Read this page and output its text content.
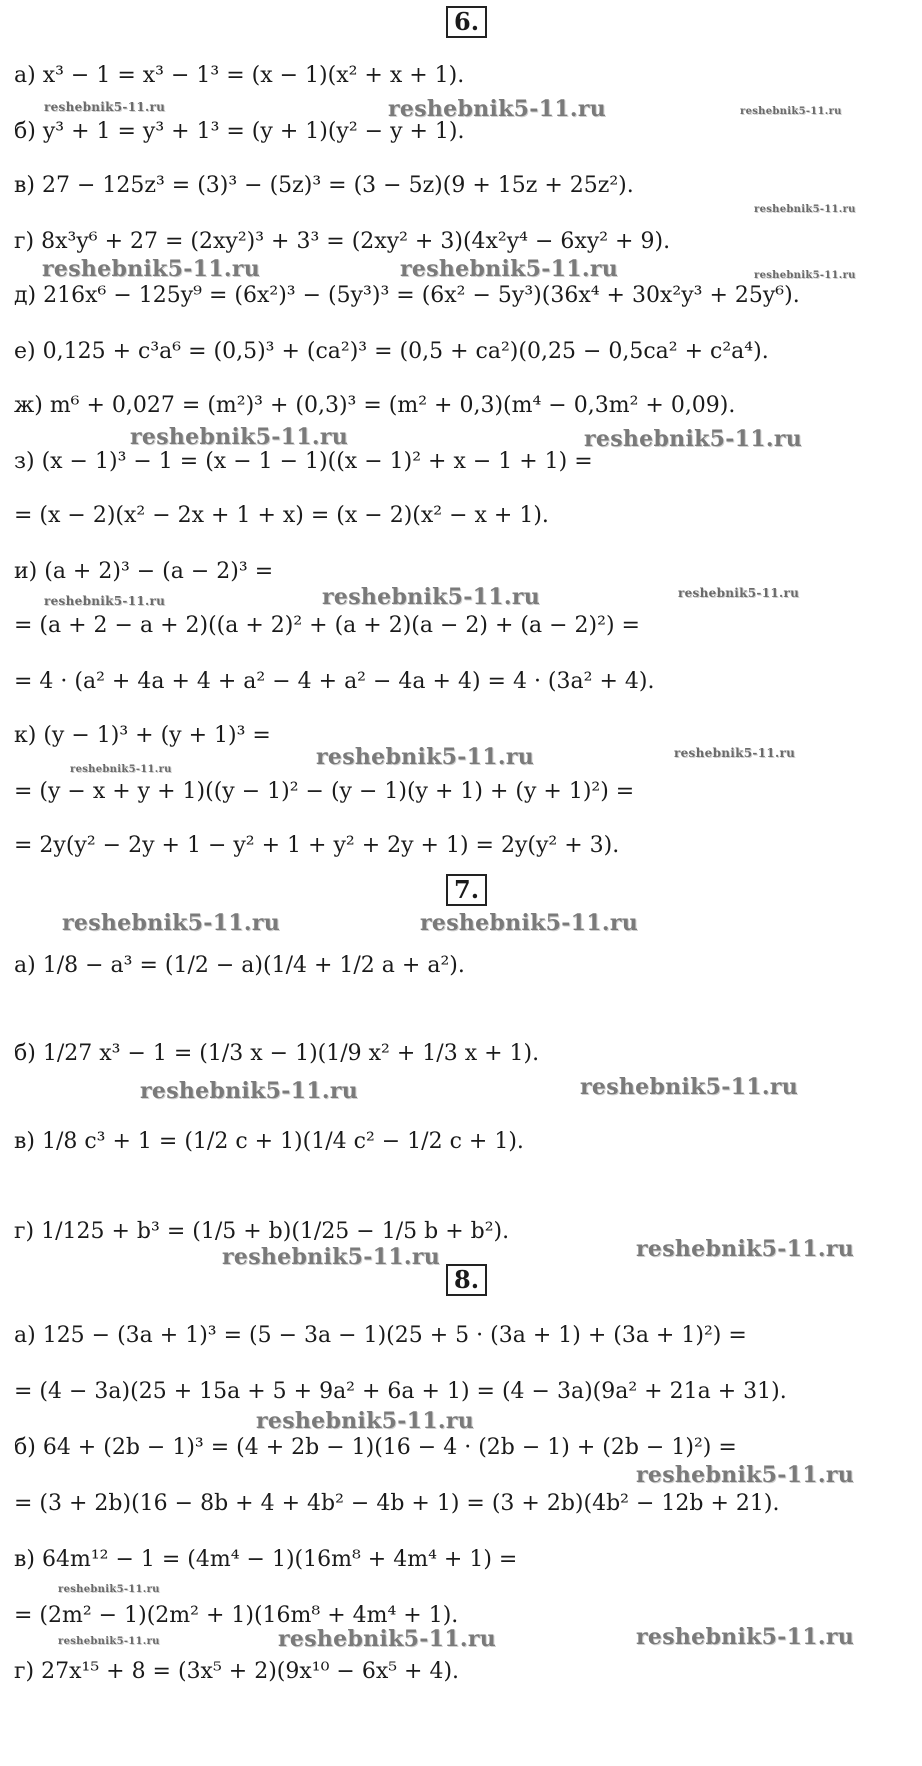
6.
7.
8.
а) x³ − 1 = x³ − 1³ = (x − 1)(x² + x + 1).
б) y³ + 1 = y³ + 1³ = (y + 1)(y² − y + 1).
в) 27 − 125z³ = (3)³ − (5z)³ = (3 − 5z)(9 + 15z + 25z²).
г) 8x³y⁶ + 27 = (2xy²)³ + 3³ = (2xy² + 3)(4x²y⁴ − 6xy² + 9).
д) 216x⁶ − 125y⁹ = (6x²)³ − (5y³)³ = (6x² − 5y³)(36x⁴ + 30x²y³ + 25y⁶).
е) 0,125 + c³a⁶ = (0,5)³ + (ca²)³ = (0,5 + ca²)(0,25 − 0,5ca² + c²a⁴).
ж) m⁶ + 0,027 = (m²)³ + (0,3)³ = (m² + 0,3)(m⁴ − 0,3m² + 0,09).
з) (x − 1)³ − 1 = (x − 1 − 1)((x − 1)² + x − 1 + 1) =
= (x − 2)(x² − 2x + 1 + x) = (x − 2)(x² − x + 1).
и) (a + 2)³ − (a − 2)³ =
= (a + 2 − a + 2)((a + 2)² + (a + 2)(a − 2) + (a − 2)²) =
= 4 · (a² + 4a + 4 + a² − 4 + a² − 4a + 4) = 4 · (3a² + 4).
к) (y − 1)³ + (y + 1)³ =
= (y − x + y + 1)((y − 1)² − (y − 1)(y + 1) + (y + 1)²) =
= 2y(y² − 2y + 1 − y² + 1 + y² + 2y + 1) = 2y(y² + 3).
а) 1/8 − a³ = (1/2 − a)(1/4 + 1/2 a + a²).
б) 1/27 x³ − 1 = (1/3 x − 1)(1/9 x² + 1/3 x + 1).
в) 1/8 c³ + 1 = (1/2 c + 1)(1/4 c² − 1/2 c + 1).
г) 1/125 + b³ = (1/5 + b)(1/25 − 1/5 b + b²).
а) 125 − (3a + 1)³ = (5 − 3a − 1)(25 + 5 · (3a + 1) + (3a + 1)²) =
= (4 − 3a)(25 + 15a + 5 + 9a² + 6a + 1) = (4 − 3a)(9a² + 21a + 31).
б) 64 + (2b − 1)³ = (4 + 2b − 1)(16 − 4 · (2b − 1) + (2b − 1)²) =
= (3 + 2b)(16 − 8b + 4 + 4b² − 4b + 1) = (3 + 2b)(4b² − 12b + 21).
в) 64m¹² − 1 = (4m⁴ − 1)(16m⁸ + 4m⁴ + 1) =
= (2m² − 1)(2m² + 1)(16m⁸ + 4m⁴ + 1).
г) 27x¹⁵ + 8 = (3x⁵ + 2)(9x¹⁰ − 6x⁵ + 4).
reshebnik5-11.ru	reshebnik5-11.ru	reshebnik5-11.ru
reshebnik5-11.ru
reshebnik5-11.ru	reshebnik5-11.ru	reshebnik5-11.ru
reshebnik5-11.ru	reshebnik5-11.ru
reshebnik5-11.ru	reshebnik5-11.ru	reshebnik5-11.ru
reshebnik5-11.ru	reshebnik5-11.ru	reshebnik5-11.ru
reshebnik5-11.ru	reshebnik5-11.ru
reshebnik5-11.ru	reshebnik5-11.ru
reshebnik5-11.ru	reshebnik5-11.ru
reshebnik5-11.ru
reshebnik5-11.ru
reshebnik5-11.ru
reshebnik5-11.ru	reshebnik5-11.ru	reshebnik5-11.ru
